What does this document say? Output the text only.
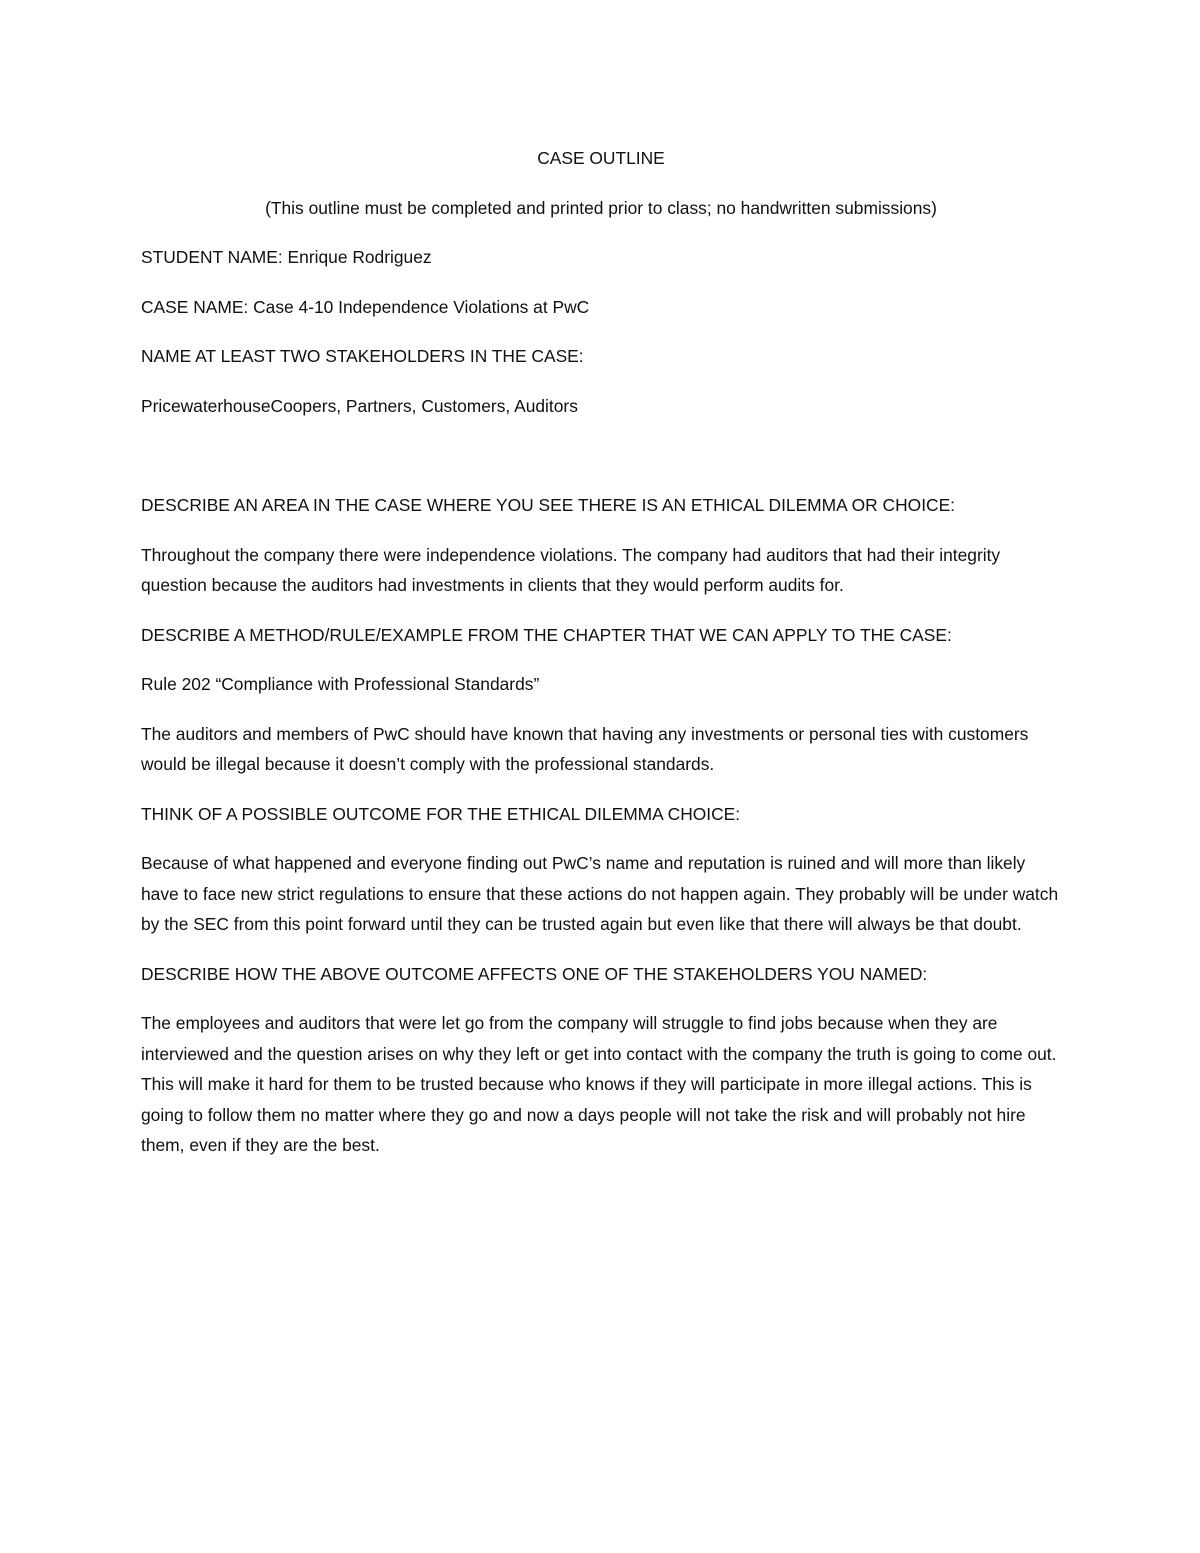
CASE OUTLINE

(This outline must be completed and printed prior to class; no handwritten submissions)

STUDENT NAME: Enrique Rodriguez

CASE NAME: Case 4-10 Independence Violations at PwC

NAME AT LEAST TWO STAKEHOLDERS IN THE CASE:

PricewaterhouseCoopers, Partners, Customers, Auditors

DESCRIBE AN AREA IN THE CASE WHERE YOU SEE THERE IS AN ETHICAL DILEMMA OR CHOICE:

Throughout the company there were independence violations. The company had auditors that had their integrity question because the auditors had investments in clients that they would perform audits for.

DESCRIBE A METHOD/RULE/EXAMPLE FROM THE CHAPTER THAT WE CAN APPLY TO THE CASE:

Rule 202 “Compliance with Professional Standards”

The auditors and members of PwC should have known that having any investments or personal ties with customers would be illegal because it doesn’t comply with the professional standards.

THINK OF A POSSIBLE OUTCOME FOR THE ETHICAL DILEMMA CHOICE:

Because of what happened and everyone finding out PwC’s name and reputation is ruined and will more than likely have to face new strict regulations to ensure that these actions do not happen again. They probably will be under watch by the SEC from this point forward until they can be trusted again but even like that there will always be that doubt.

DESCRIBE HOW THE ABOVE OUTCOME AFFECTS ONE OF THE STAKEHOLDERS YOU NAMED:

The employees and auditors that were let go from the company will struggle to find jobs because when they are interviewed and the question arises on why they left or get into contact with the company the truth is going to come out. This will make it hard for them to be trusted because who knows if they will participate in more illegal actions. This is going to follow them no matter where they go and now a days people will not take the risk and will probably not hire them, even if they are the best.
